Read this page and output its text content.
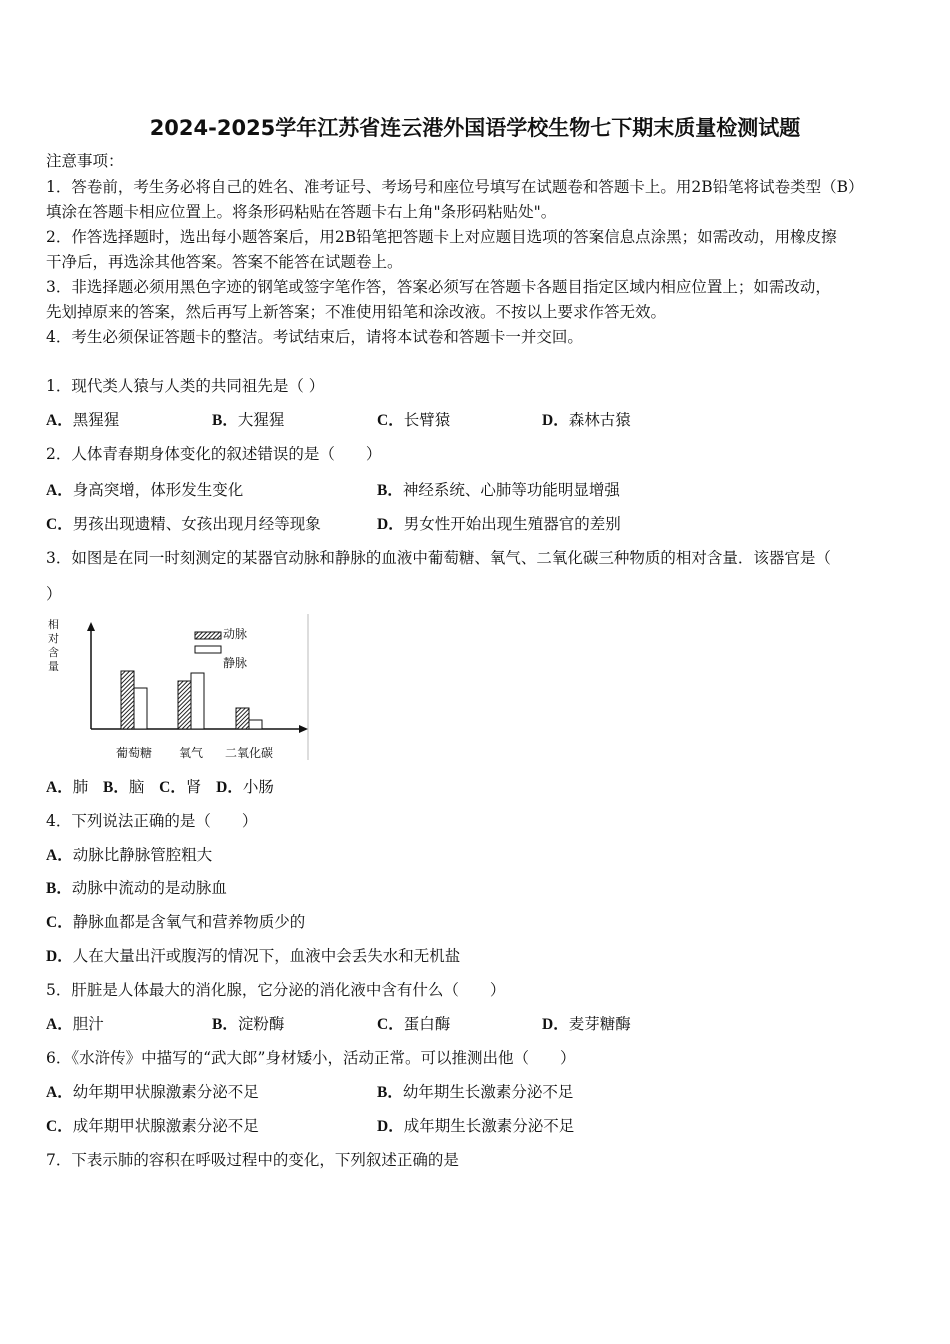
2024-2025学年江苏省连云港外国语学校生物七下期末质量检测试题
注意事项：
1．答卷前，考生务必将自己的姓名、准考证号、考场号和座位号填写在试题卷和答题卡上。用2B铅笔将试卷类型（B）
填涂在答题卡相应位置上。将条形码粘贴在答题卡右上角"条形码粘贴处"。
2．作答选择题时，选出每小题答案后，用2B铅笔把答题卡上对应题目选项的答案信息点涂黑；如需改动，用橡皮擦
干净后，再选涂其他答案。答案不能答在试题卷上。
3．非选择题必须用黑色字迹的钢笔或签字笔作答，答案必须写在答题卡各题目指定区域内相应位置上；如需改动，
先划掉原来的答案，然后再写上新答案；不准使用铅笔和涂改液。不按以上要求作答无效。
4．考生必须保证答题卡的整洁。考试结束后，请将本试卷和答题卡一并交回。
1．现代类人猿与人类的共同祖先是（ ）
A．黑猩猩	B．大猩猩	C．长臂猿	D．森林古猿
2．人体青春期身体变化的叙述错误的是（　　）
A．身高突增，体形发生变化	B．神经系统、心肺等功能明显增强
C．男孩出现遗精、女孩出现月经等现象	D．男女性开始出现生殖器官的差别
3．如图是在同一时刻测定的某器官动脉和静脉的血液中葡萄糖、氧气、二氧化碳三种物质的相对含量．该器官是（
）
相对含量
动脉
静脉
葡萄糖 氧气 二氧化碳
A．肺 B．脑 C．肾 D．小肠
4．下列说法正确的是（　　）
A．动脉比静脉管腔粗大
B．动脉中流动的是动脉血
C．静脉血都是含氧气和营养物质少的
D．人在大量出汗或腹泻的情况下，血液中会丢失水和无机盐
5．肝脏是人体最大的消化腺，它分泌的消化液中含有什么（　　）
A．胆汁	B．淀粉酶	C．蛋白酶	D．麦芽糖酶
6．《水浒传》中描写的“武大郎”身材矮小，活动正常。可以推测出他（　　）
A．幼年期甲状腺激素分泌不足	B．幼年期生长激素分泌不足
C．成年期甲状腺激素分泌不足	D．成年期生长激素分泌不足
7．下表示肺的容积在呼吸过程中的变化，下列叙述正确的是
